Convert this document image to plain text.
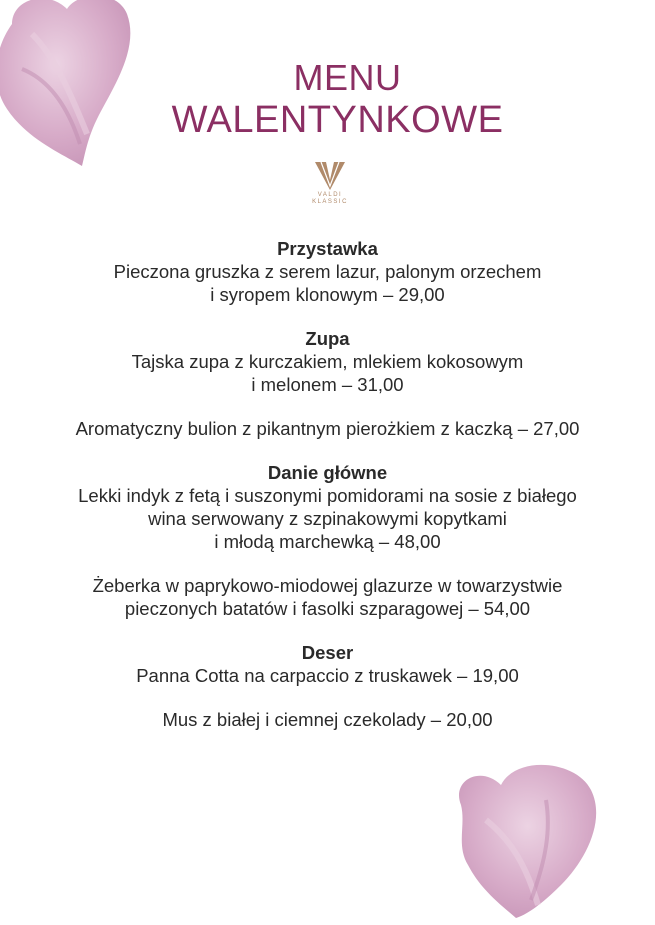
MENU
WALENTYNKOWE
VALDI
KLASSIC
Przystawka
Pieczona gruszka z serem lazur, palonym orzechem
i syropem klonowym – 29,00
Zupa
Tajska zupa z kurczakiem, mlekiem kokosowym
i melonem – 31,00
Aromatyczny bulion z pikantnym pierożkiem z kaczką – 27,00
Danie główne
Lekki indyk z fetą i suszonymi pomidorami na sosie z białego
wina serwowany z szpinakowymi kopytkami
i młodą marchewką – 48,00
Żeberka w paprykowo-miodowej glazurze w towarzystwie
pieczonych batatów i fasolki szparagowej – 54,00
Deser
Panna Cotta na carpaccio z truskawek – 19,00
Mus z białej i ciemnej czekolady – 20,00
